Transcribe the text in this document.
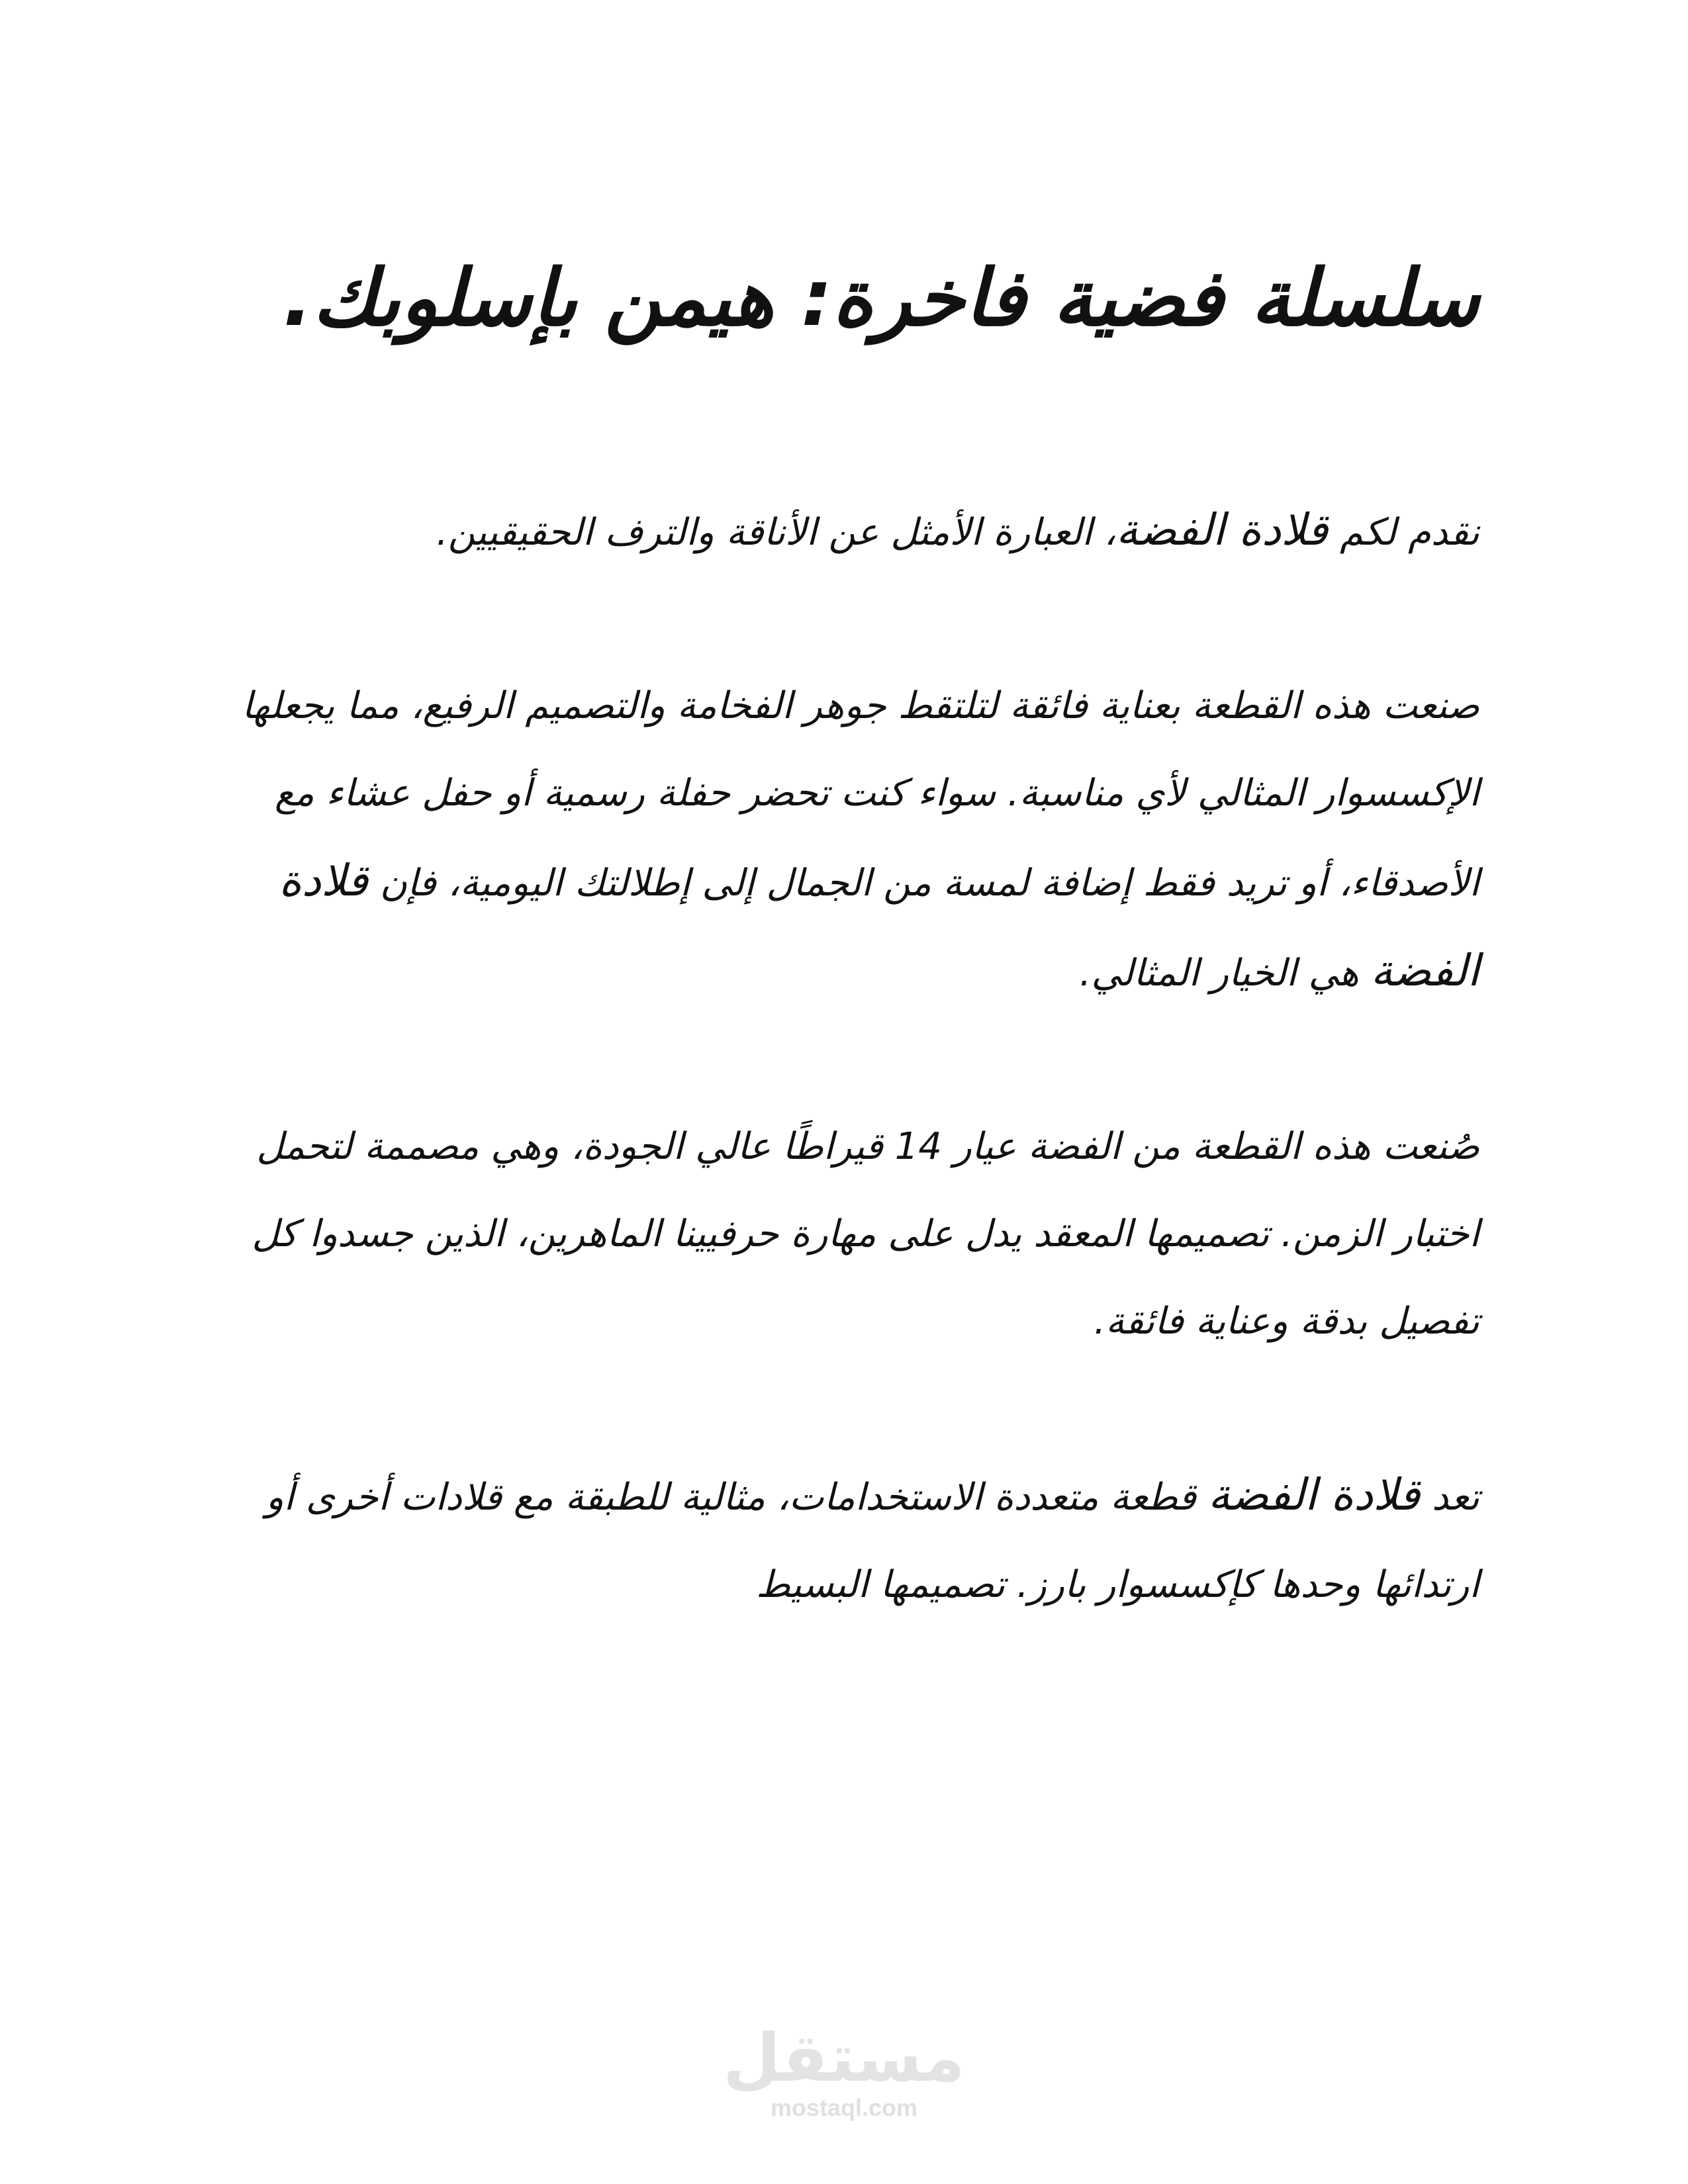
سلسلة فضية فاخرة: هيمن بإسلوبك.

نقدم لكم قلادة الفضة، العبارة الأمثل عن الأناقة والترف الحقيقيين.

صنعت هذه القطعة بعناية فائقة لتلتقط جوهر الفخامة والتصميم الرفيع، مما يجعلها الإكسسوار المثالي لأي مناسبة. سواء كنت تحضر حفلة رسمية أو حفل عشاء مع الأصدقاء، أو تريد فقط إضافة لمسة من الجمال إلى إطلالتك اليومية، فإن قلادة الفضة هي الخيار المثالي.

صُنعت هذه القطعة من الفضة عيار 14 قيراطًا عالي الجودة، وهي مصممة لتحمل اختبار الزمن. تصميمها المعقد يدل على مهارة حرفيينا الماهرين، الذين جسدوا كل تفصيل بدقة وعناية فائقة.

تعد قلادة الفضة قطعة متعددة الاستخدامات، مثالية للطبقة مع قلادات أخرى أو ارتدائها وحدها كإكسسوار بارز. تصميمها البسيط

مستقل
mostaql.com
